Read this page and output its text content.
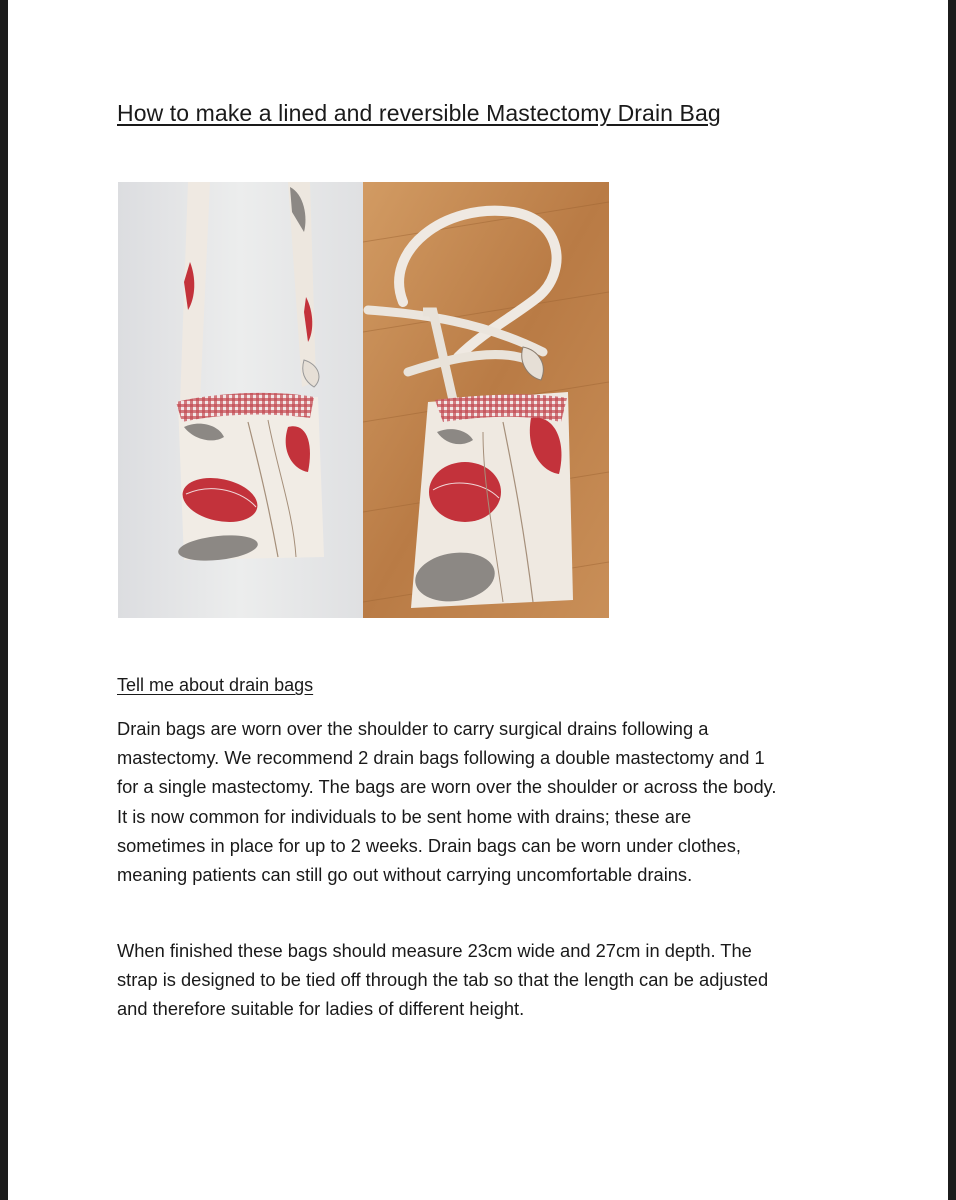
How to make a lined and reversible Mastectomy Drain Bag
Tell me about drain bags

Drain bags are worn over the shoulder to carry surgical drains following a
mastectomy. We recommend 2 drain bags following a double mastectomy and 1
for a single mastectomy. The bags are worn over the shoulder or across the body.
It is now common for individuals to be sent home with drains; these are
sometimes in place for up to 2 weeks. Drain bags can be worn under clothes,
meaning patients can still go out without carrying uncomfortable drains.

When finished these bags should measure 23cm wide and 27cm in depth. The
strap is designed to be tied off through the tab so that the length can be adjusted
and therefore suitable for ladies of different height.
